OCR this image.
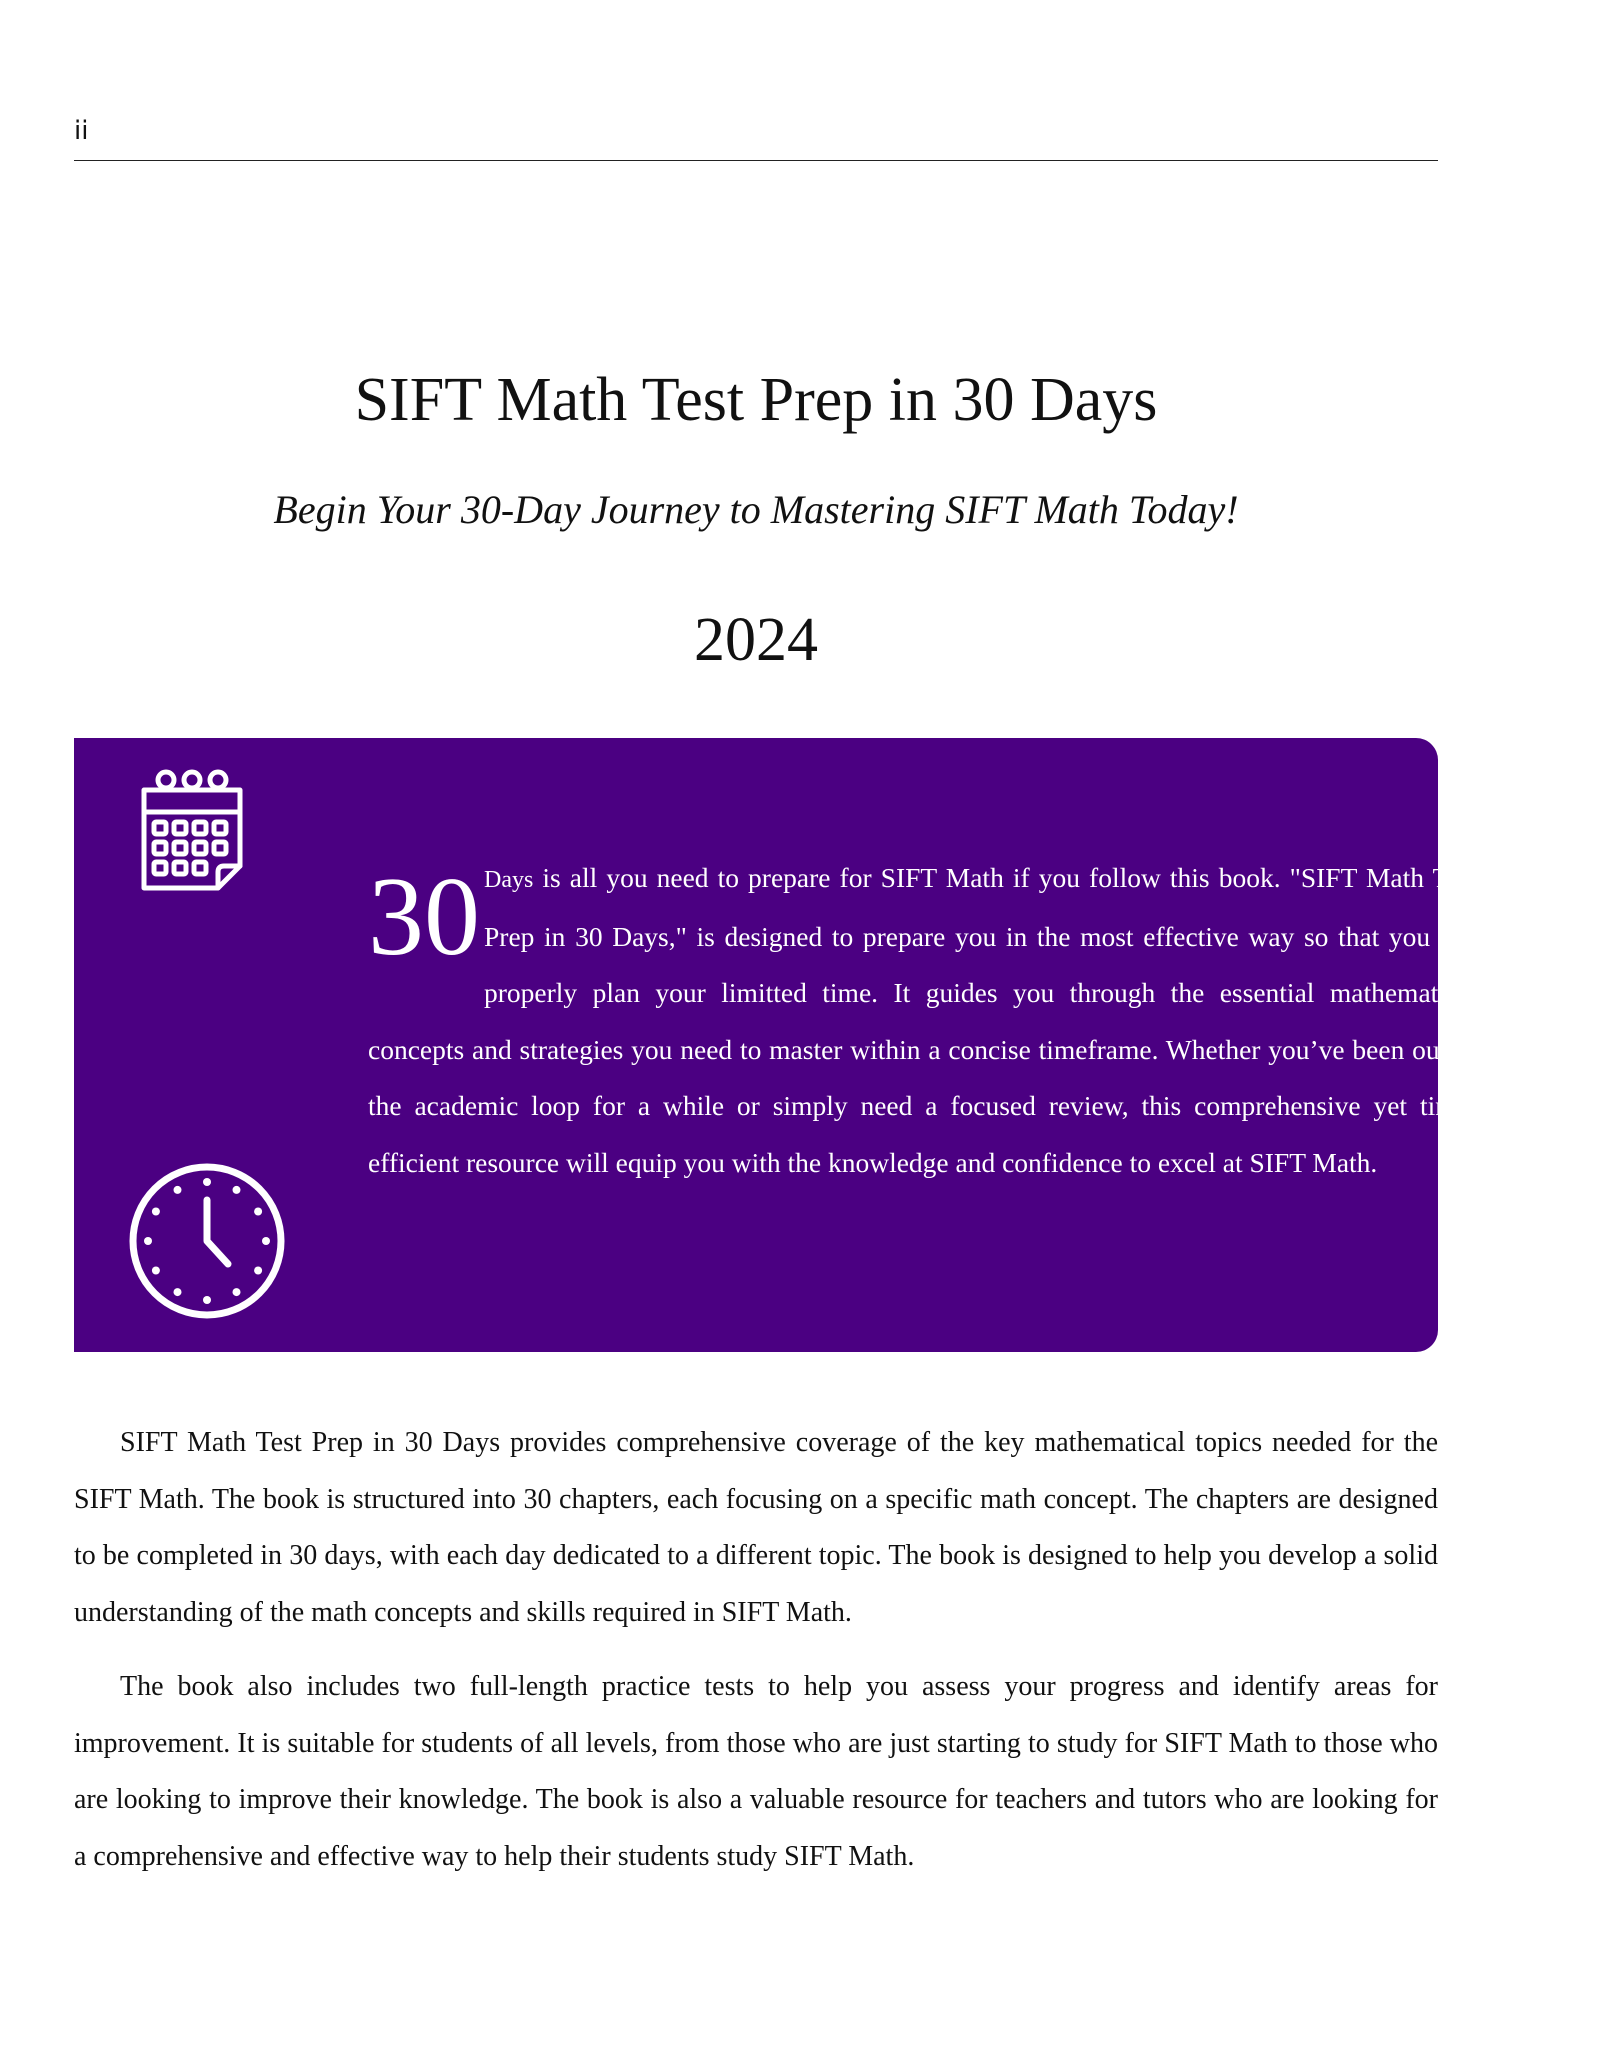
ii
SIFT Math Test Prep in 30 Days
Begin Your 30-Day Journey to Mastering SIFT Math Today!
2024
30 Days is all you need to prepare for SIFT Math if you follow this book. "SIFT Math Test Prep in 30 Days," is designed to prepare you in the most effective way so that you can properly plan your limitted time. It guides you through the essential mathematical concepts and strategies you need to master within a concise timeframe. Whether you’ve been out of the academic loop for a while or simply need a focused review, this comprehensive yet time-efficient resource will equip you with the knowledge and confidence to excel at SIFT Math.

SIFT Math Test Prep in 30 Days provides comprehensive coverage of the key mathematical topics needed for the SIFT Math. The book is structured into 30 chapters, each focusing on a specific math concept. The chapters are designed to be completed in 30 days, with each day dedicated to a different topic. The book is designed to help you develop a solid understanding of the math concepts and skills required in SIFT Math.

The book also includes two full-length practice tests to help you assess your progress and identify areas for improvement. It is suitable for students of all levels, from those who are just starting to study for SIFT Math to those who are looking to improve their knowledge. The book is also a valuable resource for teachers and tutors who are looking for a comprehensive and effective way to help their students study SIFT Math.
